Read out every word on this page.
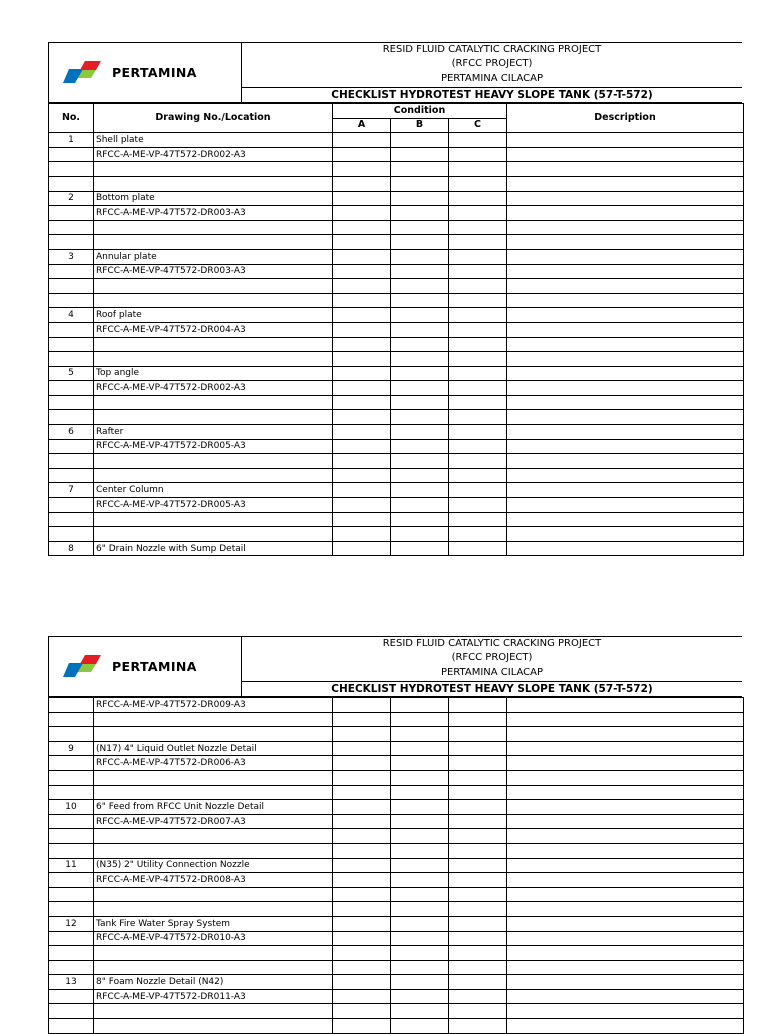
PERTAMINA
RESID FLUID CATALYTIC CRACKING PROJECT
(RFCC PROJECT)
PERTAMINA CILACAP
CHECKLIST HYDROTEST HEAVY SLOPE TANK (57-T-572)
No.	Drawing No./Location	Condition			Description
		A	B	C	
1	Shell plate				
	RFCC-A-ME-VP-47T572-DR002-A3				

2	Bottom plate				
	RFCC-A-ME-VP-47T572-DR003-A3				

3	Annular plate				
	RFCC-A-ME-VP-47T572-DR003-A3				

4	Roof plate				
	RFCC-A-ME-VP-47T572-DR004-A3				

5	Top angle				
	RFCC-A-ME-VP-47T572-DR002-A3				

6	Rafter				
	RFCC-A-ME-VP-47T572-DR005-A3				

7	Center Column				
	RFCC-A-ME-VP-47T572-DR005-A3				

8	6" Drain Nozzle with Sump Detail				
PERTAMINA
RESID FLUID CATALYTIC CRACKING PROJECT
(RFCC PROJECT)
PERTAMINA CILACAP
CHECKLIST HYDROTEST HEAVY SLOPE TANK (57-T-572)
	RFCC-A-ME-VP-47T572-DR009-A3				

9	(N17) 4" Liquid Outlet Nozzle Detail				
	RFCC-A-ME-VP-47T572-DR006-A3				

10	6" Feed from RFCC Unit Nozzle Detail				
	RFCC-A-ME-VP-47T572-DR007-A3				

11	(N35) 2" Utility Connection Nozzle				
	RFCC-A-ME-VP-47T572-DR008-A3				

12	Tank Fire Water Spray System				
	RFCC-A-ME-VP-47T572-DR010-A3				

13	8" Foam Nozzle Detail (N42)				
	RFCC-A-ME-VP-47T572-DR011-A3				
